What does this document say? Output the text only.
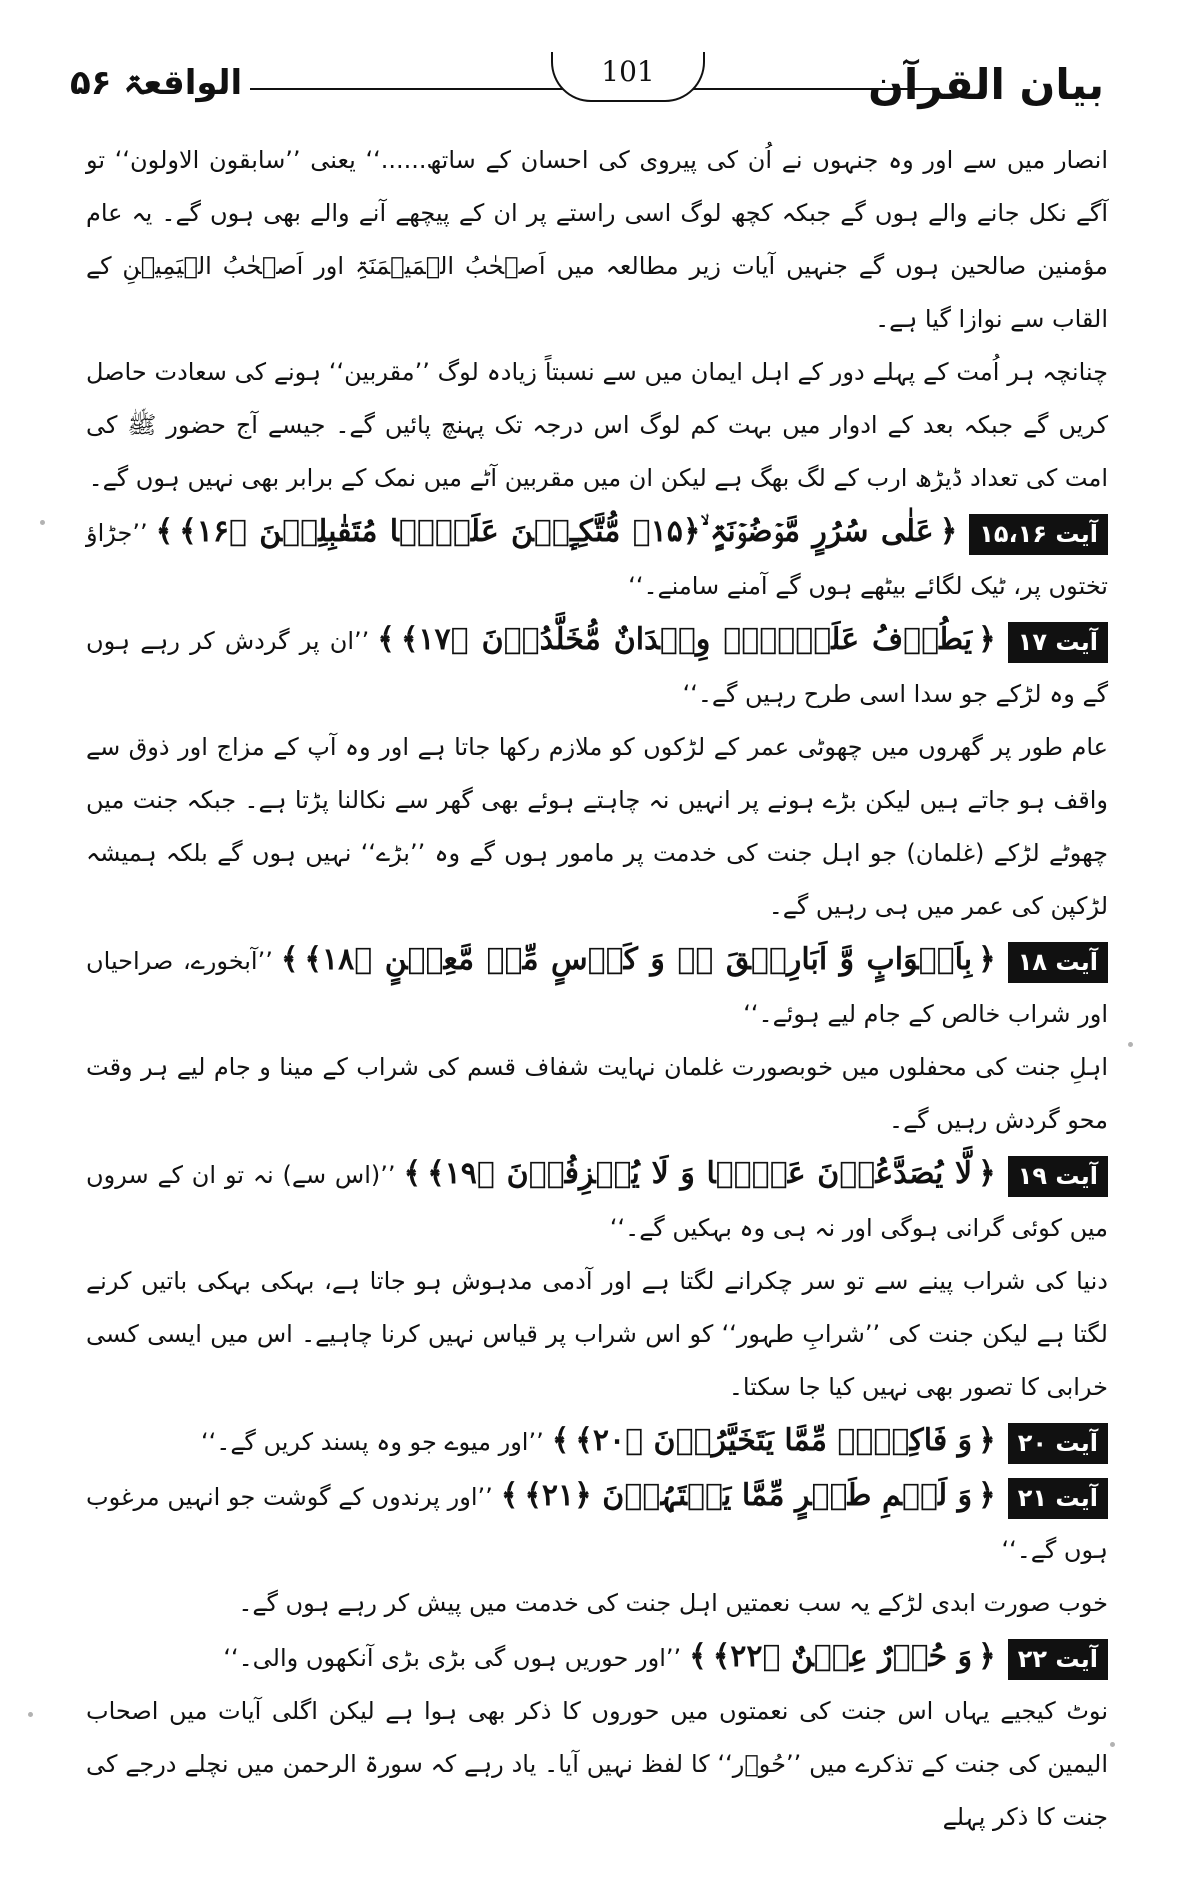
بیان القرآن
الواقعۃ ۵۶	101

انصار میں سے اور وہ جنہوں نے اُن کی پیروی کی احسان کے ساتھ......‘‘ یعنی ’’سابقون الاولون‘‘ تو آگے نکل جانے والے ہوں گے جبکہ کچھ لوگ اسی راستے پر ان کے پیچھے آنے والے بھی ہوں گے۔ یہ عام مؤمنین صالحین ہوں گے جنہیں آیات زیر مطالعہ میں اَصۡحٰبُ الۡمَیۡمَنَۃِ اور اَصۡحٰبُ الۡیَمِیۡنِ کے القاب سے نوازا گیا ہے۔

چنانچہ ہر اُمت کے پہلے دور کے اہل ایمان میں سے نسبتاً زیادہ لوگ ’’مقربین‘‘ ہونے کی سعادت حاصل کریں گے جبکہ بعد کے ادوار میں بہت کم لوگ اس درجہ تک پہنچ پائیں گے۔ جیسے آج حضور ﷺ کی امت کی تعداد ڈیڑھ ارب کے لگ بھگ ہے لیکن ان میں مقربین آٹے میں نمک کے برابر بھی نہیں ہوں گے۔

آیت ۱۵،۱۶﴿عَلٰی سُرُرٍ مَّوۡضُوۡنَۃٍ ۙ﴿۱۵﴾ مُّتَّکِـِٕیۡنَ عَلَیۡہَا مُتَقٰبِلِیۡنَ ﴿۱۶﴾﴾’’جڑاؤ تختوں پر، ٹیک لگائے بیٹھے ہوں گے آمنے سامنے۔‘‘

آیت ۱۷﴿یَطُوۡفُ عَلَیۡہِمۡ وِلۡدَانٌ مُّخَلَّدُوۡنَ ﴿۱۷﴾﴾’’ان پر گردش کر رہے ہوں گے وہ لڑکے جو سدا اسی طرح رہیں گے۔‘‘

عام طور پر گھروں میں چھوٹی عمر کے لڑکوں کو ملازم رکھا جاتا ہے اور وہ آپ کے مزاج اور ذوق سے واقف ہو جاتے ہیں لیکن بڑے ہونے پر انہیں نہ چاہتے ہوئے بھی گھر سے نکالنا پڑتا ہے۔ جبکہ جنت میں چھوٹے لڑکے (غلمان) جو اہل جنت کی خدمت پر مامور ہوں گے وہ ’’بڑے‘‘ نہیں ہوں گے بلکہ ہمیشہ لڑکپن کی عمر میں ہی رہیں گے۔

آیت ۱۸﴿بِاَکۡوَابٍ وَّ اَبَارِیۡقَ ۬ۙ وَ کَاۡسٍ مِّنۡ مَّعِیۡنٍ ﴿۱۸﴾﴾’’آبخورے، صراحیاں اور شراب خالص کے جام لیے ہوئے۔‘‘

اہلِ جنت کی محفلوں میں خوبصورت غلمان نہایت شفاف قسم کی شراب کے مینا و جام لیے ہر وقت محو گردش رہیں گے۔

آیت ۱۹﴿لَّا یُصَدَّعُوۡنَ عَنۡہَا وَ لَا یُنۡزِفُوۡنَ ﴿۱۹﴾﴾’’(اس سے) نہ تو ان کے سروں میں کوئی گرانی ہوگی اور نہ ہی وہ بہکیں گے۔‘‘

دنیا کی شراب پینے سے تو سر چکرانے لگتا ہے اور آدمی مدہوش ہو جاتا ہے، بہکی بہکی باتیں کرنے لگتا ہے لیکن جنت کی ’’شرابِ طہور‘‘ کو اس شراب پر قیاس نہیں کرنا چاہیے۔ اس میں ایسی کسی خرابی کا تصور بھی نہیں کیا جا سکتا۔

آیت ۲۰﴿وَ فَاکِہَۃٍ مِّمَّا یَتَخَیَّرُوۡنَ ﴿۲۰﴾﴾’’اور میوے جو وہ پسند کریں گے۔‘‘

آیت ۲۱﴿وَ لَحۡمِ طَیۡرٍ مِّمَّا یَشۡتَہُوۡنَ ﴿۲۱﴾﴾’’اور پرندوں کے گوشت جو انہیں مرغوب ہوں گے۔‘‘

خوب صورت ابدی لڑکے یہ سب نعمتیں اہل جنت کی خدمت میں پیش کر رہے ہوں گے۔

آیت ۲۲﴿وَ حُوۡرٌ عِیۡنٌ ﴿۲۲﴾﴾’’اور حوریں ہوں گی بڑی بڑی آنکھوں والی۔‘‘

نوٹ کیجیے یہاں اس جنت کی نعمتوں میں حوروں کا ذکر بھی ہوا ہے لیکن اگلی آیات میں اصحاب الیمین کی جنت کے تذکرے میں ’’حُوۡر‘‘ کا لفظ نہیں آیا۔ یاد رہے کہ سورۃ الرحمن میں نچلے درجے کی جنت کا ذکر پہلے
